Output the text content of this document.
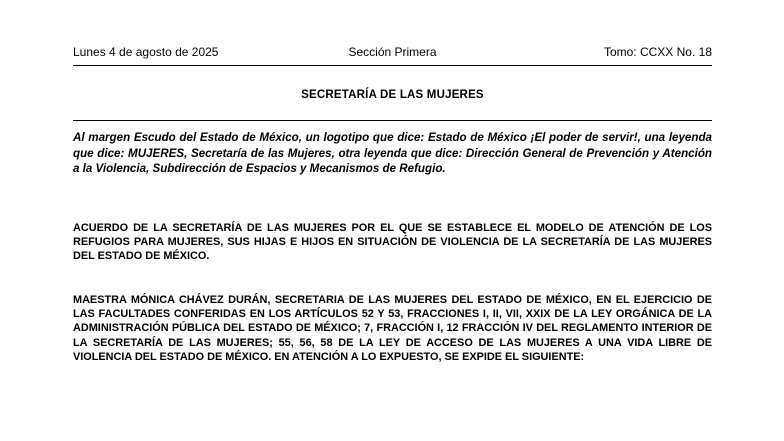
Sección Primera
Lunes 4 de agosto de 2025	Tomo: CCXX No. 18
SECRETARÍA DE LAS MUJERES
Al margen Escudo del Estado de México, un logotipo que dice: Estado de México ¡El poder de servir!, una leyenda que dice: MUJERES, Secretaría de las Mujeres, otra leyenda que dice: Dirección General de Prevención y Atención a la Violencia, Subdirección de Espacios y Mecanismos de Refugio.
ACUERDO DE LA SECRETARÍA DE LAS MUJERES POR EL QUE SE ESTABLECE EL MODELO DE ATENCIÓN DE LOS REFUGIOS PARA MUJERES, SUS HIJAS E HIJOS EN SITUACIÓN DE VIOLENCIA DE LA SECRETARÍA DE LAS MUJERES DEL ESTADO DE MÉXICO.
MAESTRA MÓNICA CHÁVEZ DURÁN, SECRETARIA DE LAS MUJERES DEL ESTADO DE MÉXICO, EN EL EJERCICIO DE LAS FACULTADES CONFERIDAS EN LOS ARTÍCULOS 52 Y 53, FRACCIONES I, II, VII, XXIX DE LA LEY ORGÁNICA DE LA ADMINISTRACIÓN PÚBLICA DEL ESTADO DE MÉXICO; 7, FRACCIÓN I, 12 FRACCIÓN IV DEL REGLAMENTO INTERIOR DE LA SECRETARÍA DE LAS MUJERES; 55, 56, 58 DE LA LEY DE ACCESO DE LAS MUJERES A UNA VIDA LIBRE DE VIOLENCIA DEL ESTADO DE MÉXICO. EN ATENCIÓN A LO EXPUESTO, SE EXPIDE EL SIGUIENTE:
